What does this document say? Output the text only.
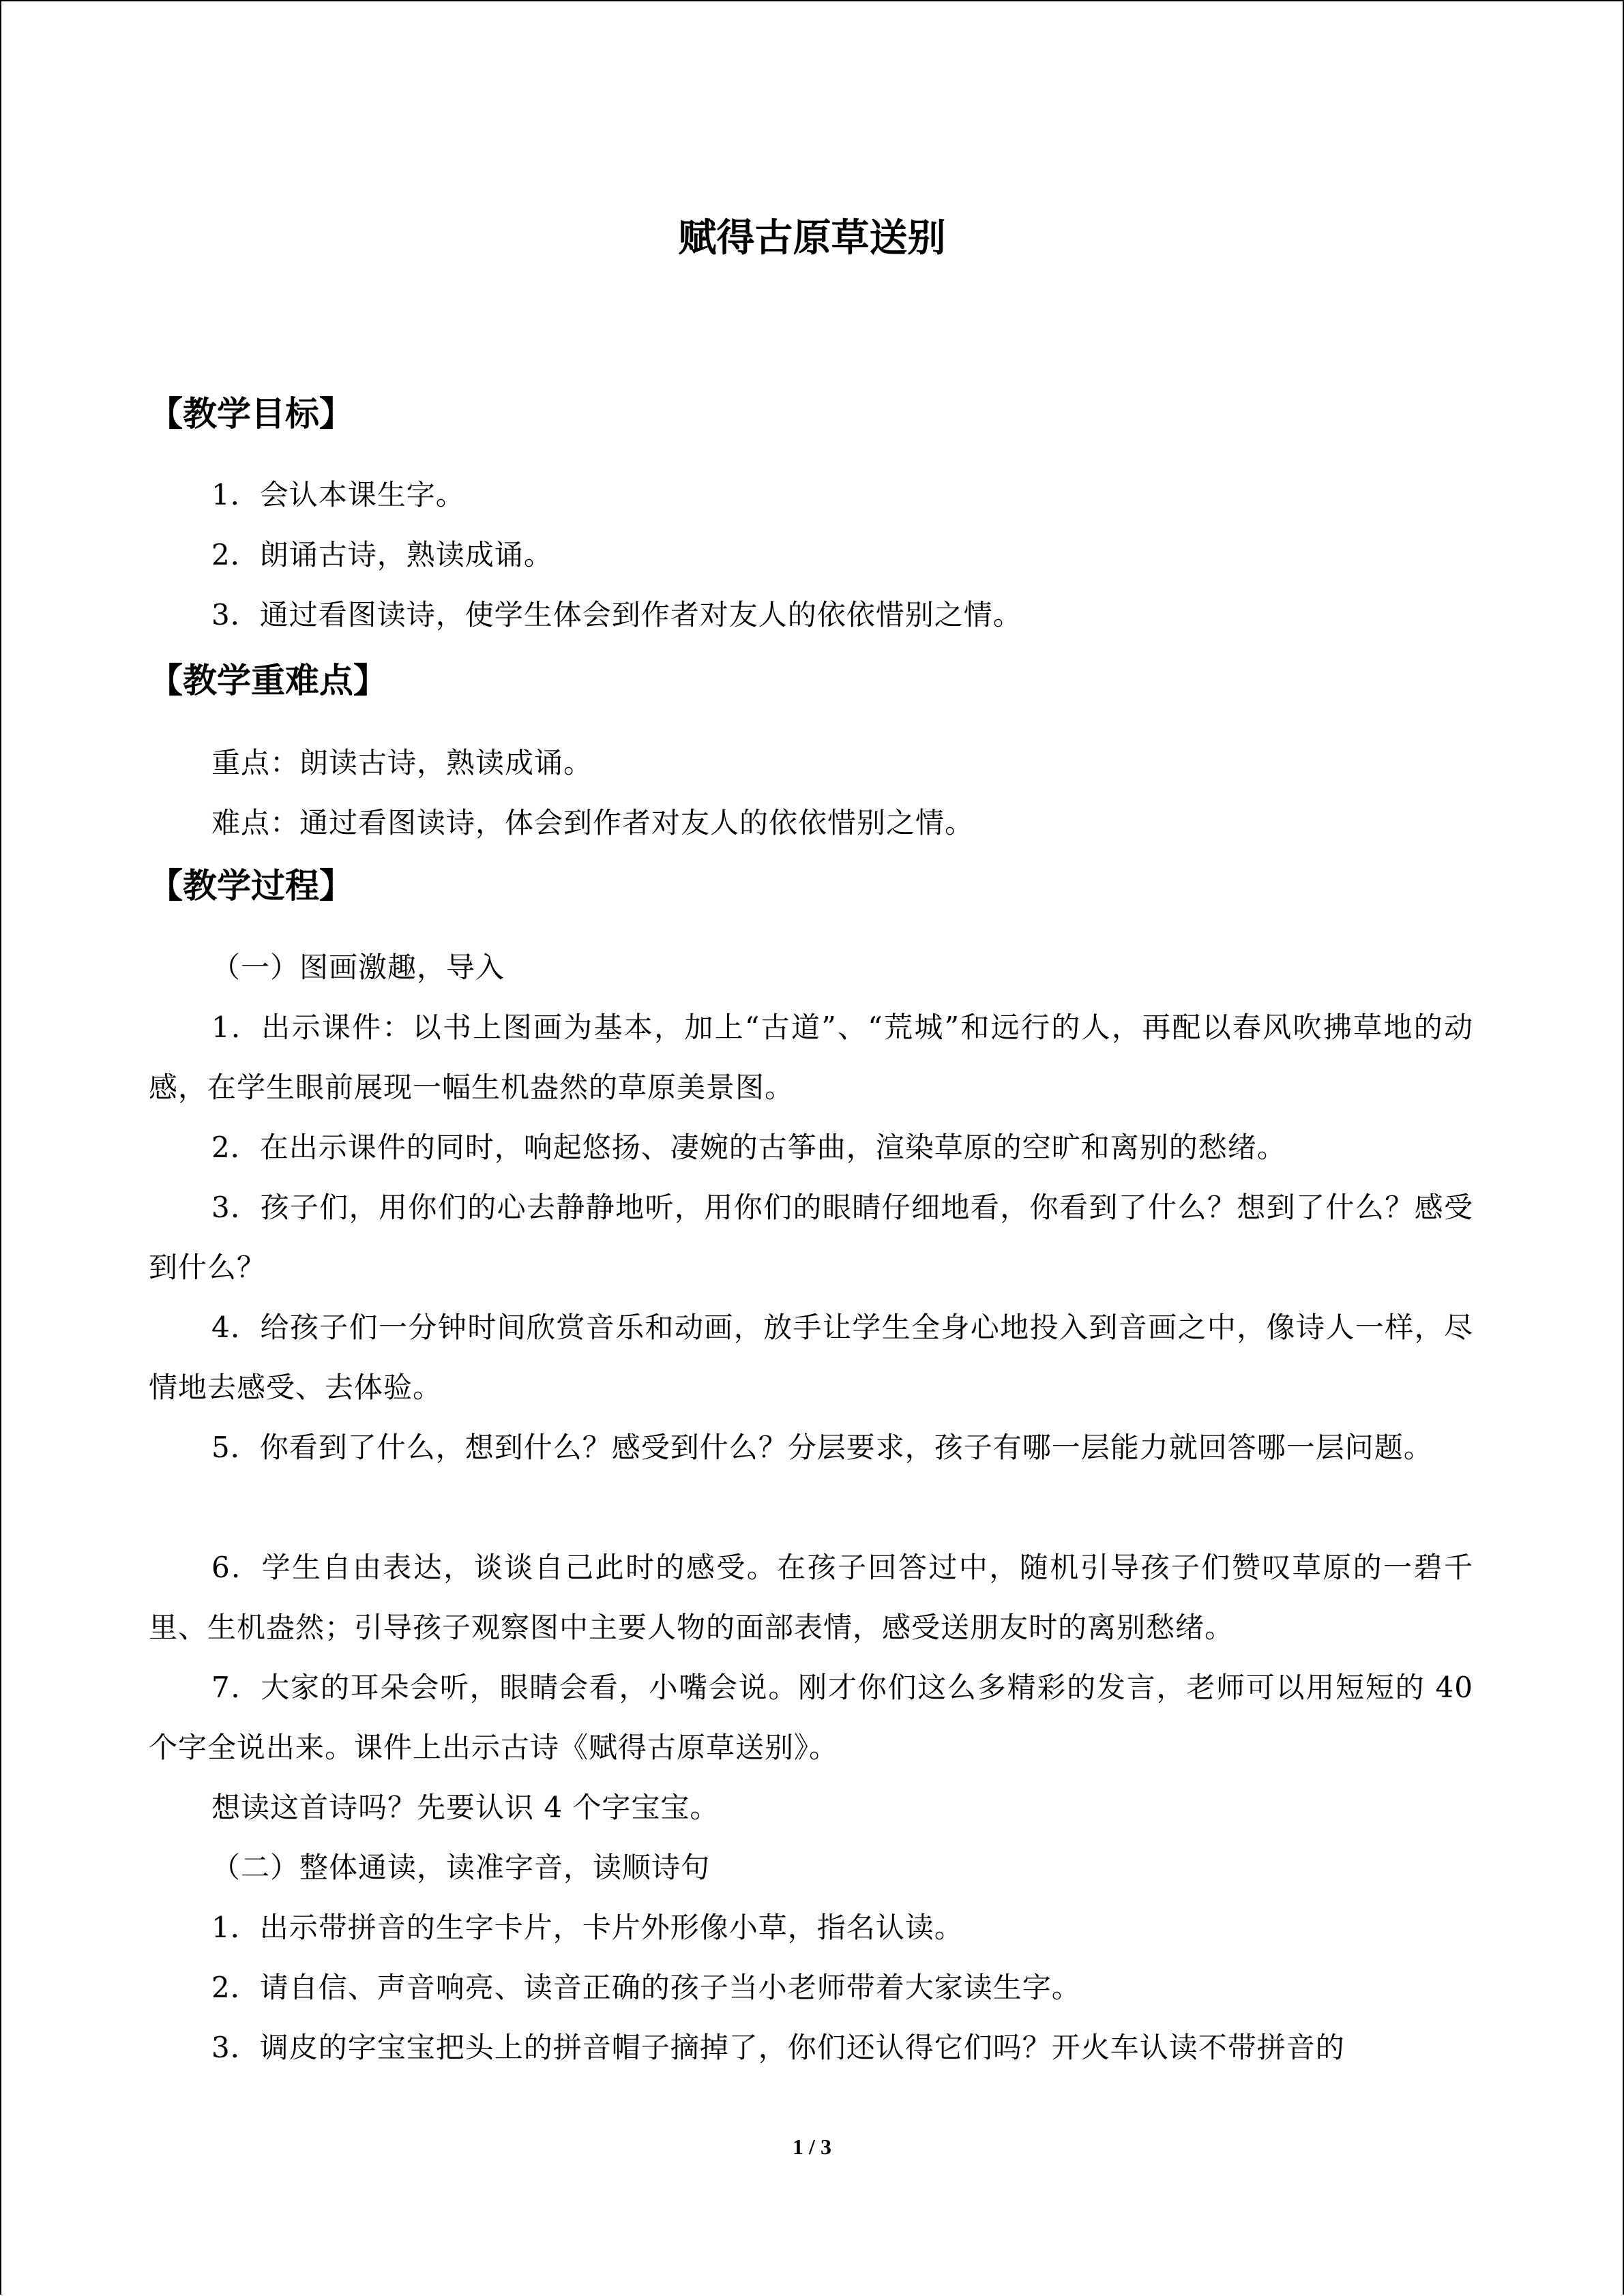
赋得古原草送别
【教学目标】
1．会认本课生字。
2．朗诵古诗，熟读成诵。
3．通过看图读诗，使学生体会到作者对友人的依依惜别之情。
【教学重难点】
重点：朗读古诗，熟读成诵。
难点：通过看图读诗，体会到作者对友人的依依惜别之情。
【教学过程】
（一）图画激趣，导入
1．出示课件：以书上图画为基本，加上“古道”、“荒城”和远行的人，再配以春风吹拂草地的动感，在学生眼前展现一幅生机盎然的草原美景图。
2．在出示课件的同时，响起悠扬、凄婉的古筝曲，渲染草原的空旷和离别的愁绪。
3．孩子们，用你们的心去静静地听，用你们的眼睛仔细地看，你看到了什么？想到了什么？感受到什么？
4．给孩子们一分钟时间欣赏音乐和动画，放手让学生全身心地投入到音画之中，像诗人一样，尽情地去感受、去体验。
5．你看到了什么，想到什么？感受到什么？分层要求，孩子有哪一层能力就回答哪一层问题。
6．学生自由表达，谈谈自己此时的感受。在孩子回答过中，随机引导孩子们赞叹草原的一碧千里、生机盎然；引导孩子观察图中主要人物的面部表情，感受送朋友时的离别愁绪。
7．大家的耳朵会听，眼睛会看，小嘴会说。刚才你们这么多精彩的发言，老师可以用短短的 40 个字全说出来。课件上出示古诗《赋得古原草送别》。
想读这首诗吗？先要认识 4 个字宝宝。
（二）整体通读，读准字音，读顺诗句
1．出示带拼音的生字卡片，卡片外形像小草，指名认读。
2．请自信、声音响亮、读音正确的孩子当小老师带着大家读生字。
3．调皮的字宝宝把头上的拼音帽子摘掉了，你们还认得它们吗？开火车认读不带拼音的
1 / 3
